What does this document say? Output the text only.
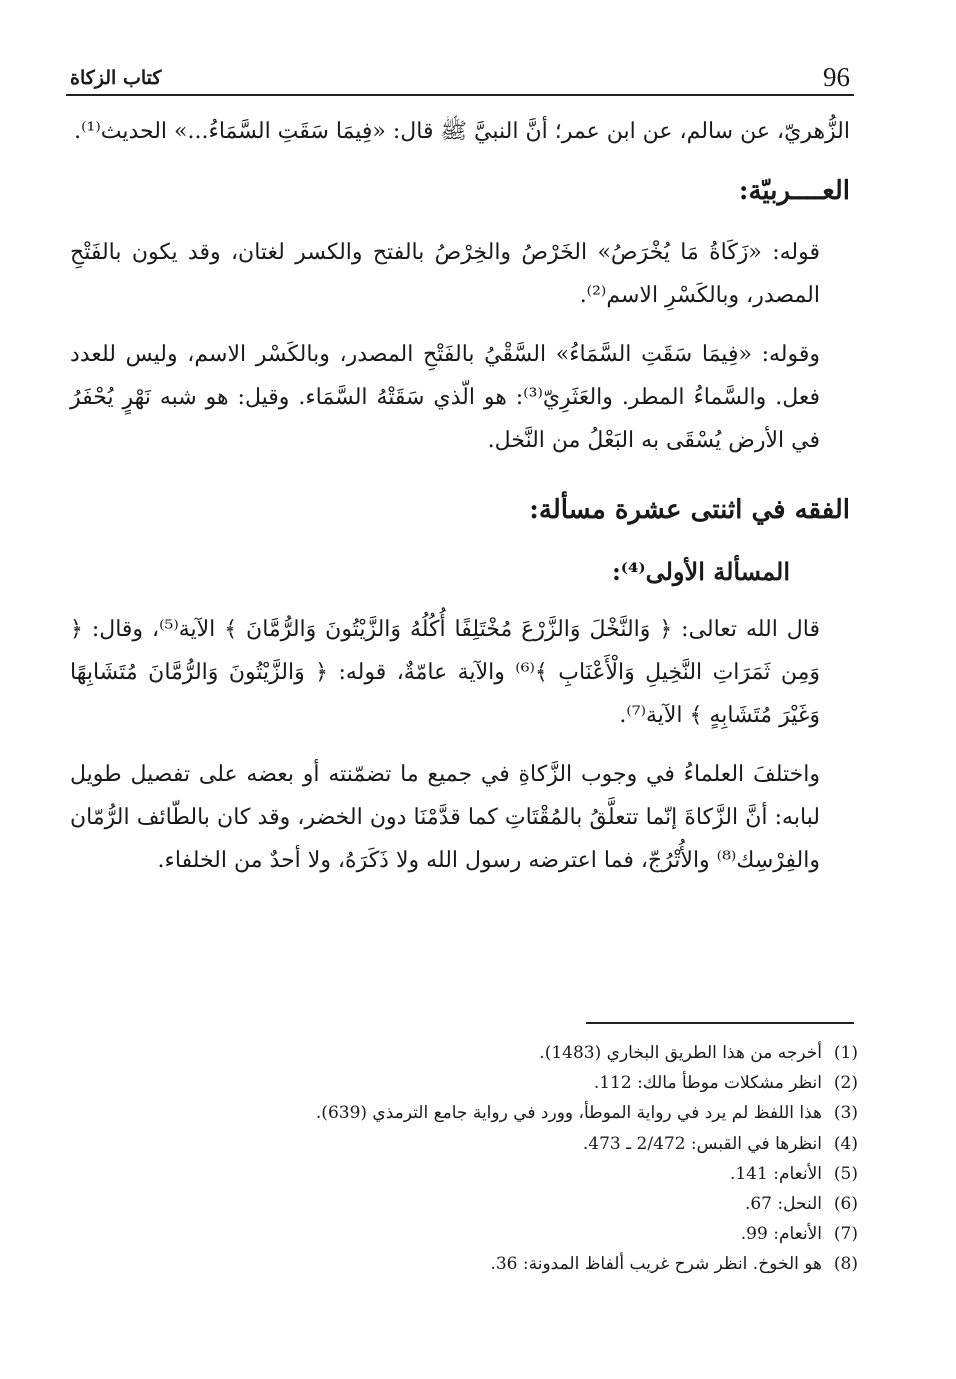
96
كتاب الزكاة

الزُّهريّ، عن سالم، عن ابن عمر؛ أنَّ النبيَّ ﷺ قال: «فِيمَا سَقَتِ السَّمَاءُ...» الحديث⁽¹⁾.

العــــربيّة:

قوله: «زَكَاةُ مَا يُخْرَصُ» الخَرْصُ والخِرْصُ بالفتح والكسر لغتان، وقد يكون بالفَتْحِ المصدر، وبالكَسْرِ الاسم⁽²⁾.

وقوله: «فِيمَا سَقَتِ السَّمَاءُ» السَّقْيُ بالفَتْحِ المصدر، وبالكَسْر الاسم، وليس للعدد فعل. والسَّماءُ المطر. والعَثَرِيّ⁽³⁾: هو الّذي سَقَتْهُ السَّمَاء. وقيل: هو شبه نَهْرٍ يُحْفَرُ في الأرض يُسْقَى به البَعْلُ من النَّخل.

الفقه في اثنتى عشرة مسألة:
المسألة الأولى⁽⁴⁾:

قال الله تعالى: ﴿ وَالنَّخْلَ وَالزَّرْعَ مُخْتَلِفًا أُكُلُهُ وَالزَّيْتُونَ وَالرُّمَّانَ ﴾ الآية⁽⁵⁾، وقال: ﴿ وَمِن ثَمَرَاتِ النَّخِيلِ وَالْأَعْنَابِ ﴾⁽⁶⁾ والآية عامّةٌ، قوله: ﴿ وَالزَّيْتُونَ وَالرُّمَّانَ مُتَشَابِهًا وَغَيْرَ مُتَشَابِهٍ ﴾ الآية⁽⁷⁾.

واختلفَ العلماءُ في وجوب الزَّكاةِ في جميع ما تضمّنته أو بعضه على تفصيل طويل لبابه: أنَّ الزَّكاةَ إنّما تتعلَّقُ بالمُقْتَاتِ كما قدَّمْنَا دون الخضر، وقد كان بالطّائف الرُّمّان والفِرْسِك⁽⁸⁾ والأُتْرُجّ، فما اعترضه رسول الله ولا ذَكَرَهُ، ولا أحدٌ من الخلفاء.

(1)أخرجه من هذا الطريق البخاري (1483).
(2)انظر مشكلات موطأ مالك: 112.
(3)هذا اللفظ لم يرد في رواية الموطأ، وورد في رواية جامع الترمذي (639).
(4)انظرها في القبس: 2/472 ـ 473.
(5)الأنعام: 141.
(6)النحل: 67.
(7)الأنعام: 99.
(8)هو الخوخ. انظر شرح غريب ألفاظ المدونة: 36.
